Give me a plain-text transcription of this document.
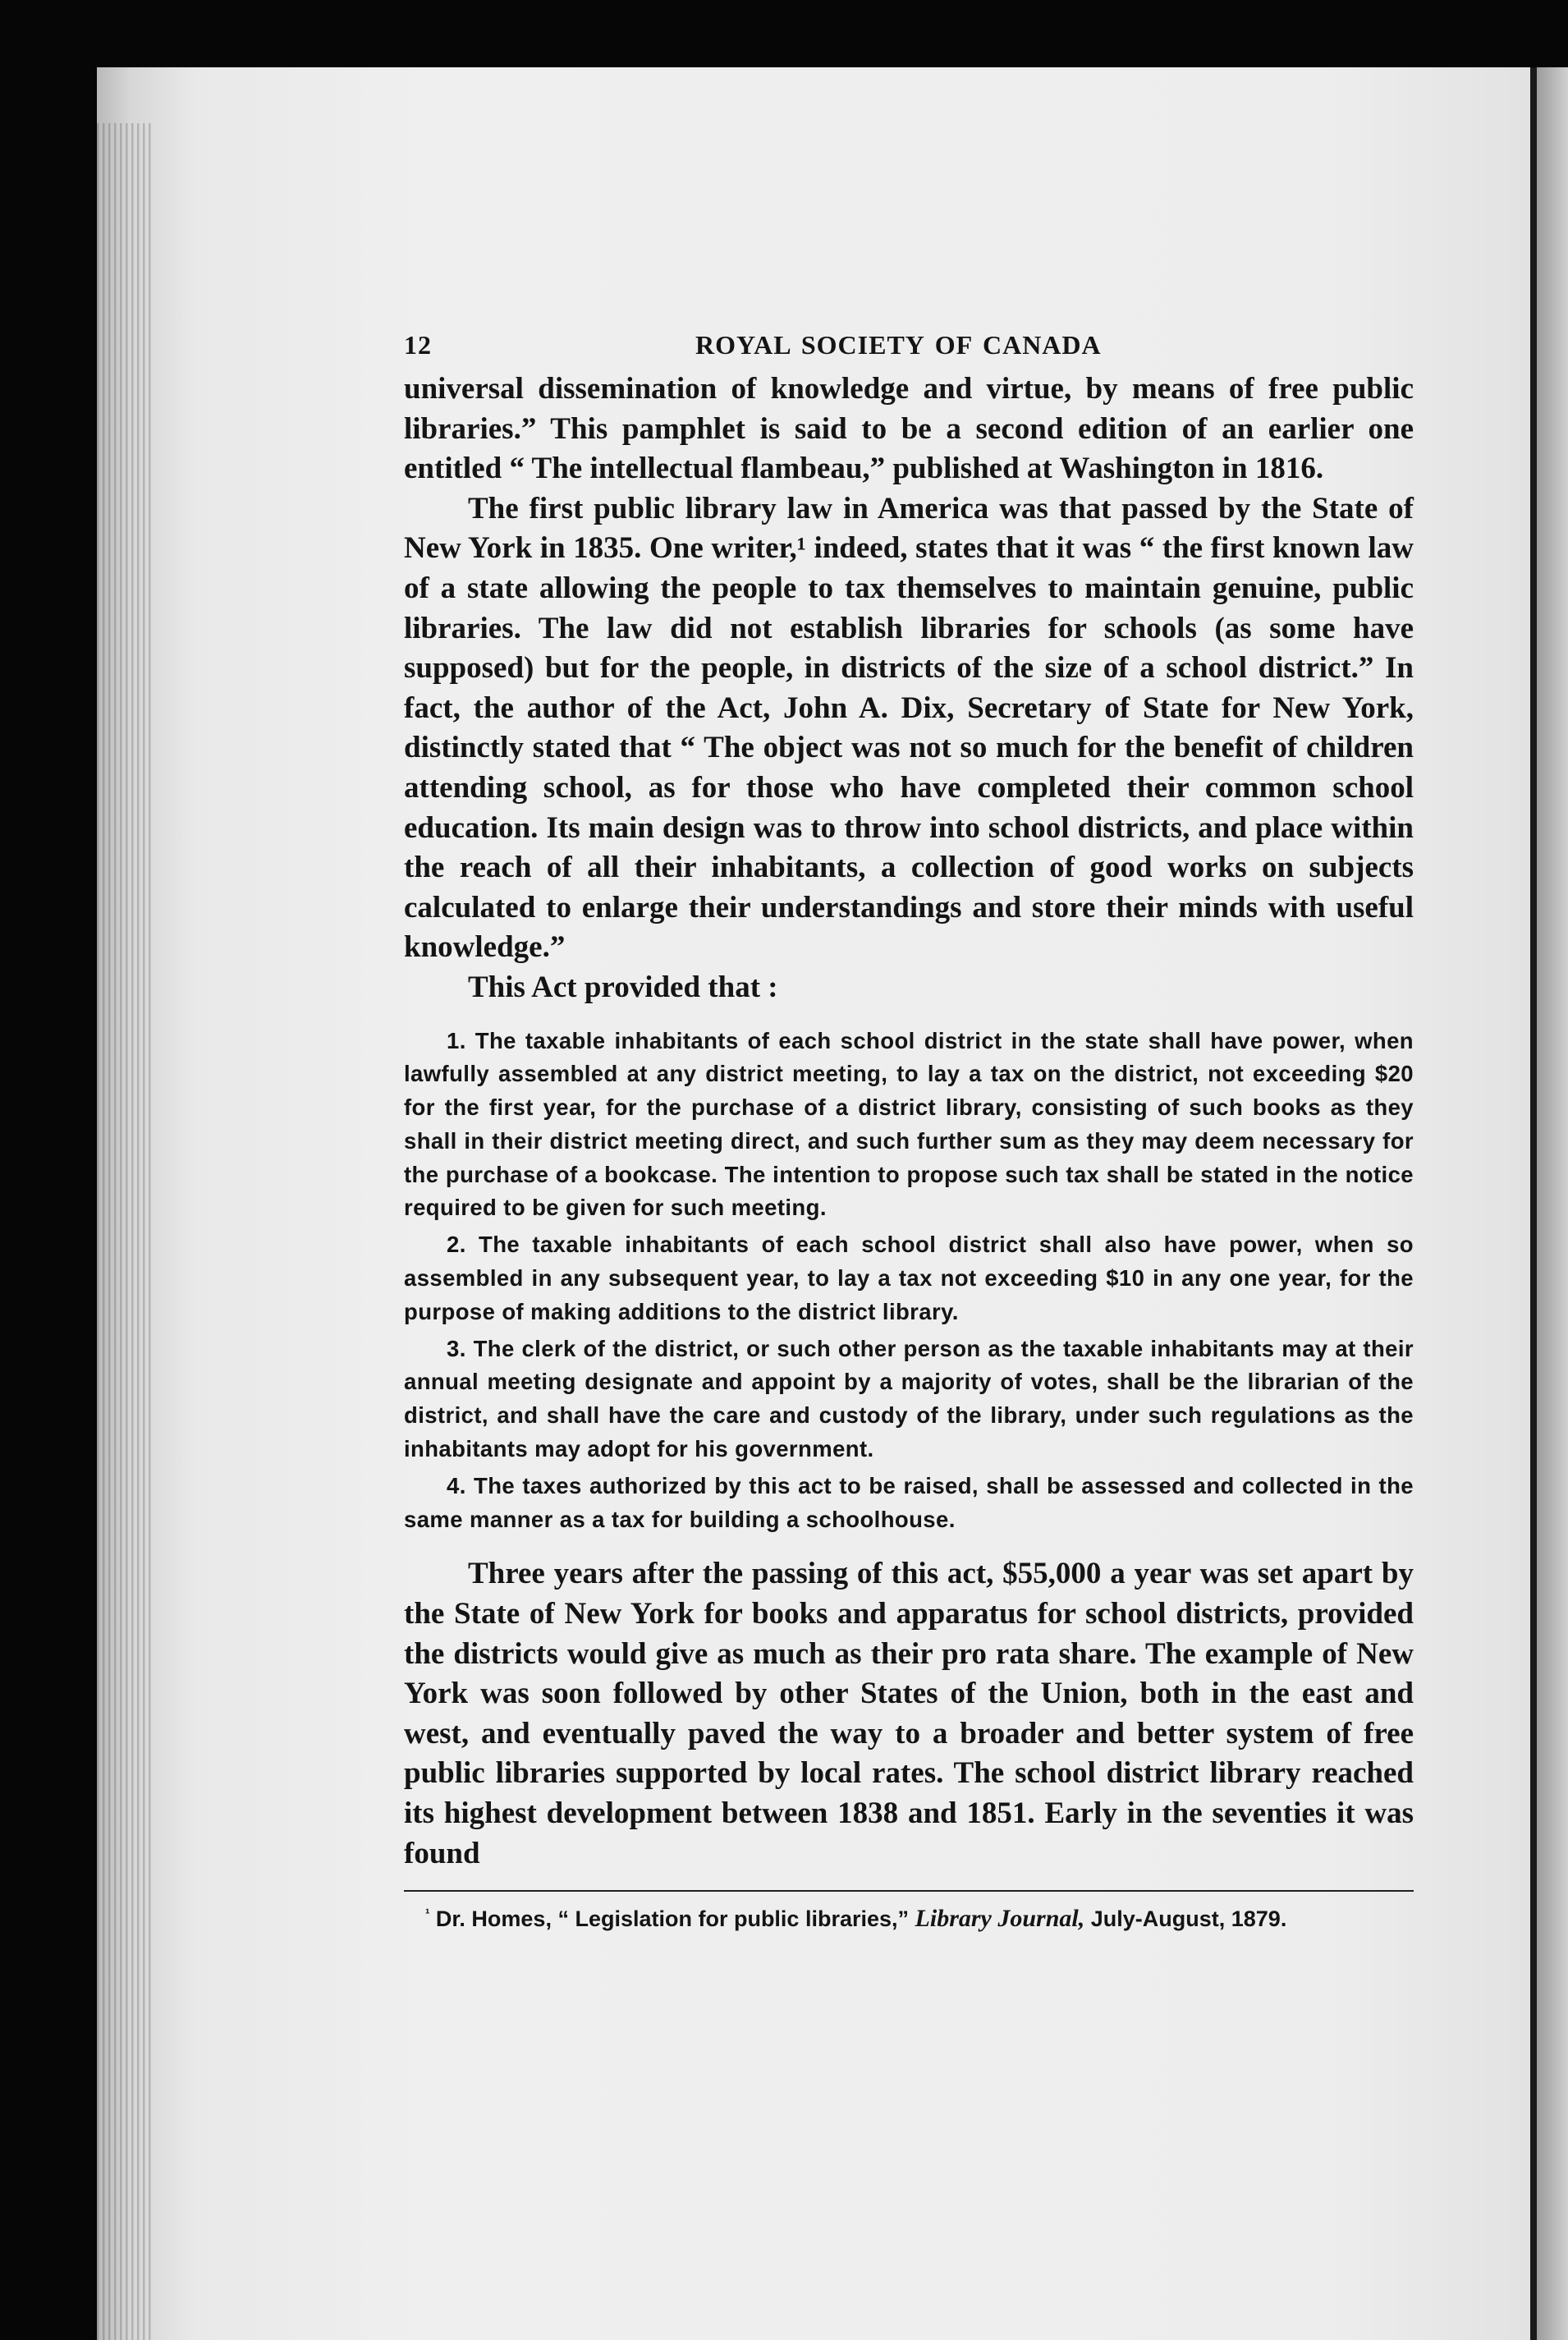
12	ROYAL SOCIETY OF CANADA

universal dissemination of knowledge and virtue, by means of free public libraries.” This pamphlet is said to be a second edition of an earlier one entitled “ The intellectual flambeau,” published at Washington in 1816.

The first public library law in America was that passed by the State of New York in 1835. One writer,¹ indeed, states that it was “ the first known law of a state allowing the people to tax themselves to maintain genuine, public libraries. The law did not establish libraries for schools (as some have supposed) but for the people, in districts of the size of a school district.” In fact, the author of the Act, John A. Dix, Secretary of State for New York, distinctly stated that “ The object was not so much for the benefit of children attending school, as for those who have completed their common school education. Its main design was to throw into school districts, and place within the reach of all their inhabitants, a collection of good works on subjects calculated to enlarge their understandings and store their minds with useful knowledge.”

This Act provided that :

1. The taxable inhabitants of each school district in the state shall have power, when lawfully assembled at any district meeting, to lay a tax on the district, not exceeding $20 for the first year, for the purchase of a district library, consisting of such books as they shall in their district meeting direct, and such further sum as they may deem necessary for the purchase of a bookcase. The intention to propose such tax shall be stated in the notice required to be given for such meeting.

2. The taxable inhabitants of each school district shall also have power, when so assembled in any subsequent year, to lay a tax not exceeding $10 in any one year, for the purpose of making additions to the district library.

3. The clerk of the district, or such other person as the taxable inhabitants may at their annual meeting designate and appoint by a majority of votes, shall be the librarian of the district, and shall have the care and custody of the library, under such regulations as the inhabitants may adopt for his government.

4. The taxes authorized by this act to be raised, shall be assessed and collected in the same manner as a tax for building a schoolhouse.

Three years after the passing of this act, $55,000 a year was set apart by the State of New York for books and apparatus for school districts, provided the districts would give as much as their pro rata share. The example of New York was soon followed by other States of the Union, both in the east and west, and eventually paved the way to a broader and better system of free public libraries supported by local rates. The school district library reached its highest development between 1838 and 1851. Early in the seventies it was found

$^{^1}$ Dr. Homes, “ Legislation for public libraries,” Library Journal, July-August, 1879.
